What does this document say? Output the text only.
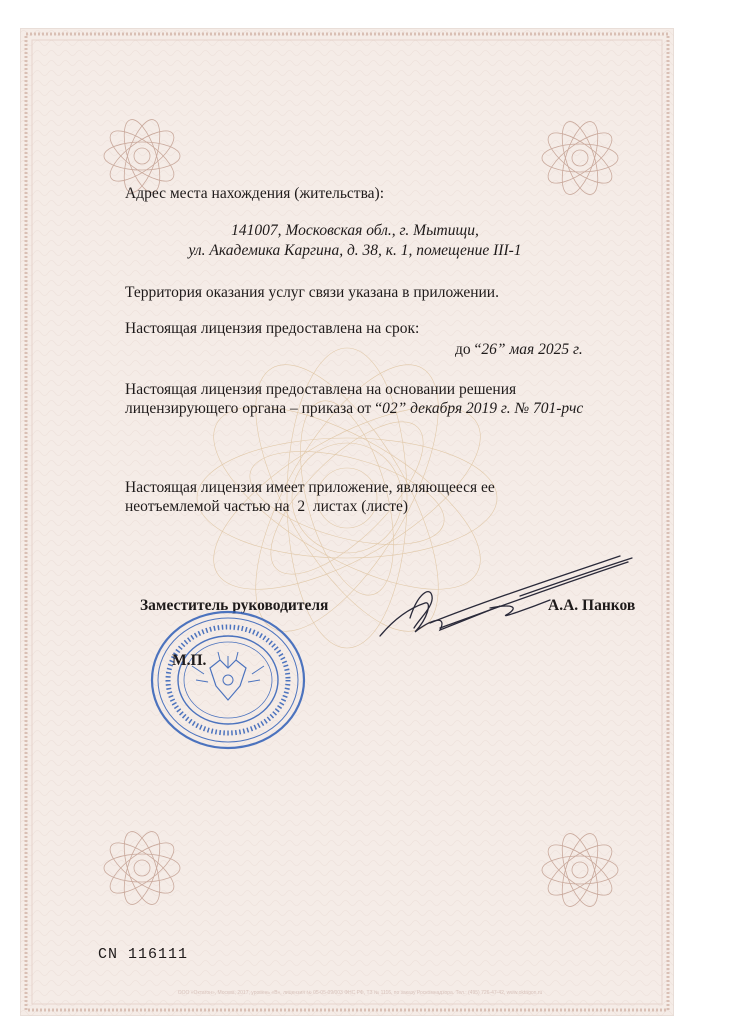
Адрес места нахождения (жительства):
141007, Московская обл., г. Мытищи,
ул. Академика Каргина, д. 38, к. 1, помещение III-1
Территория оказания услуг связи указана в приложении.
Настоящая лицензия предоставлена на срок:
до “26” мая 2025 г.
Настоящая лицензия предоставлена на основании решения
лицензирующего органа – приказа от “02” декабря 2019 г. № 701-рчс
Настоящая лицензия имеет приложение, являющееся ее
неотъемлемой частью на  2  листах (листе)
Заместитель руководителя	А.А. Панков
М.П.
CN 116111
ООО «Октагон», Москва, 2017, уровень «В», лицензия № 05-05-09/003 ФНС РФ, ТЗ № 1116, по заказу Роскомнадзора. Тел.: (495) 726-47-42, www.oktagon.ru
